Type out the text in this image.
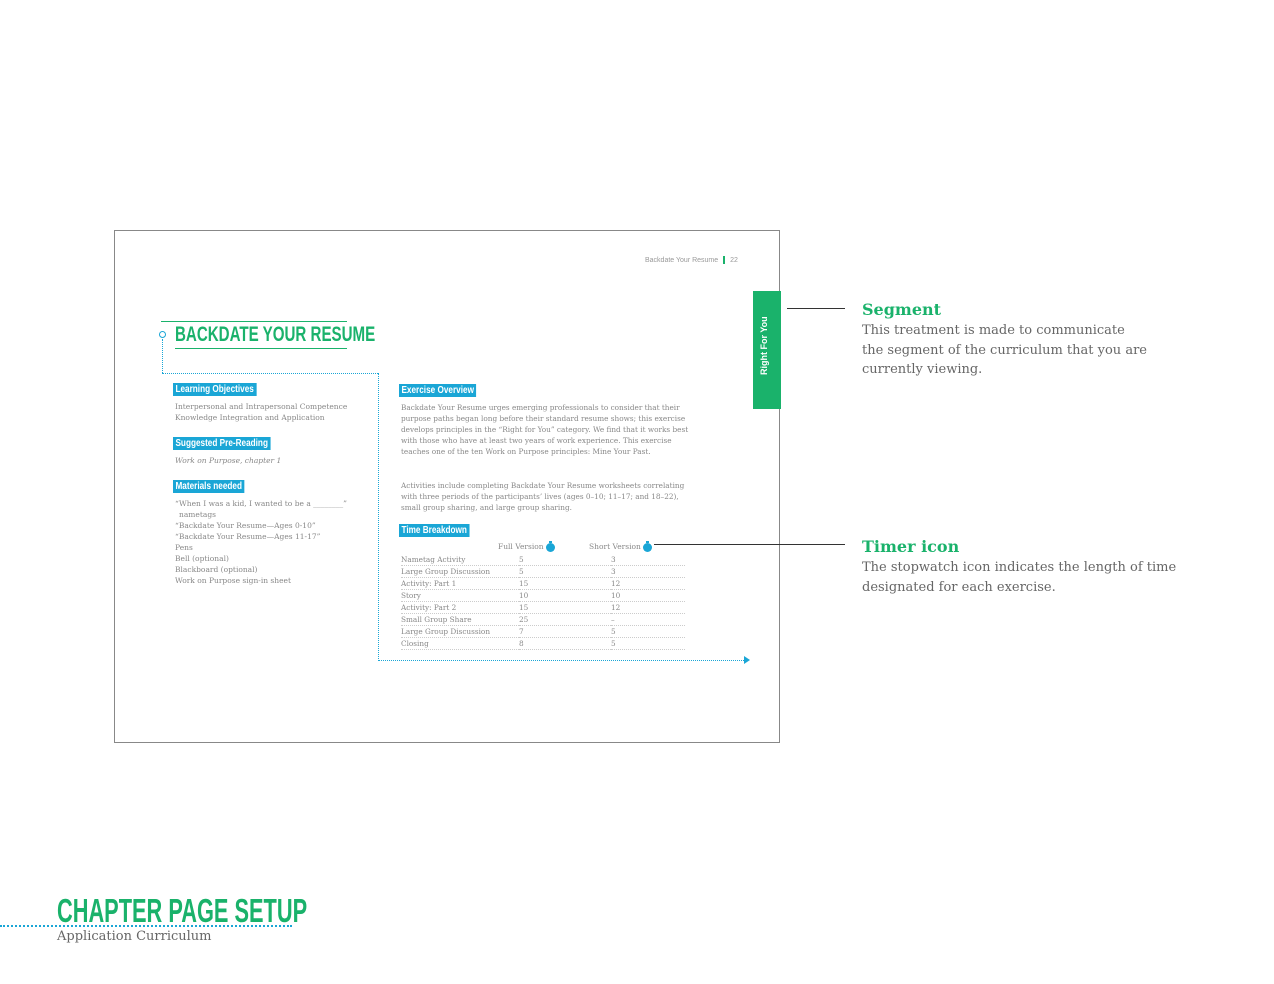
Backdate Your Resume 22
Right For You
BACKDATE YOUR RESUME
Learning Objectives
Interpersonal and Intrapersonal Competence
Knowledge Integration and Application
Suggested Pre-Reading
Work on Purpose, chapter 1
Materials needed
“When I was a kid, I wanted to be a ________”
nametags
“Backdate Your Resume—Ages 0-10”
“Backdate Your Resume—Ages 11-17”
Pens
Bell (optional)
Blackboard (optional)
Work on Purpose sign-in sheet
Exercise Overview
Backdate Your Resume urges emerging professionals to consider that their purpose paths began long before their standard resume shows; this exercise develops principles in the “Right for You” category. We find that it works best with those who have at least two years of work experience. This exercise teaches one of the ten Work on Purpose principles: Mine Your Past.
Activities include completing Backdate Your Resume worksheets correlating with three periods of the participants’ lives (ages 0–10; 11–17; and 18–22), small group sharing, and large group sharing.
Time Breakdown
Full Version	Short Version
Nametag Activity	5	3
Large Group Discussion	5	3
Activity: Part 1	15	12
Story	10	10
Activity: Part 2	15	12
Small Group Share	25	–
Large Group Discussion	7	5
Closing	8	5
Segment
This treatment is made to communicate
the segment of the curriculum that you are
currently viewing.
Timer icon
The stopwatch icon indicates the length of time
designated for each exercise.
CHAPTER PAGE SETUP
Application Curriculum
